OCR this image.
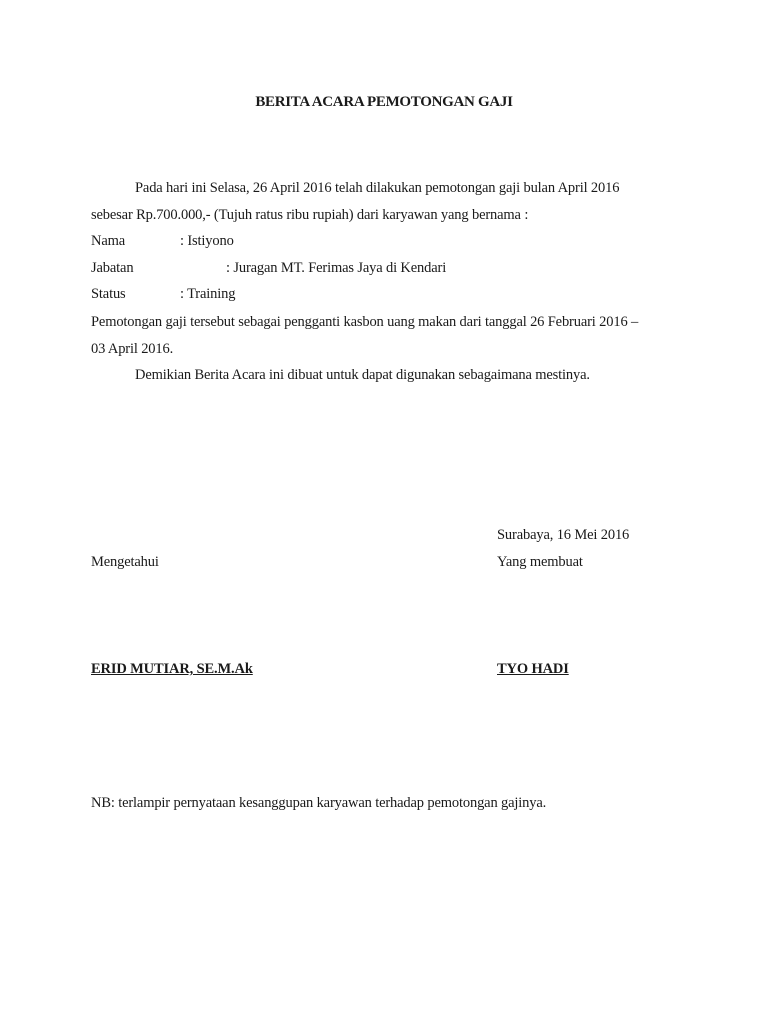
BERITA ACARA PEMOTONGAN GAJI
Pada hari ini Selasa, 26 April 2016 telah dilakukan pemotongan gaji bulan April 2016
sebesar Rp.700.000,- (Tujuh ratus ribu rupiah) dari karyawan yang bernama :
Nama	: Istiyono
Jabatan	: Juragan MT. Ferimas Jaya di Kendari
Status	: Training
Pemotongan gaji tersebut sebagai pengganti kasbon uang makan dari tanggal 26 Februari 2016 –
03 April 2016.
Demikian Berita Acara ini dibuat untuk dapat digunakan sebagaimana mestinya.
Surabaya, 16 Mei 2016
Mengetahui	Yang membuat
ERID MUTIAR, SE.M.Ak	TYO HADI
NB: terlampir pernyataan kesanggupan karyawan terhadap pemotongan gajinya.
